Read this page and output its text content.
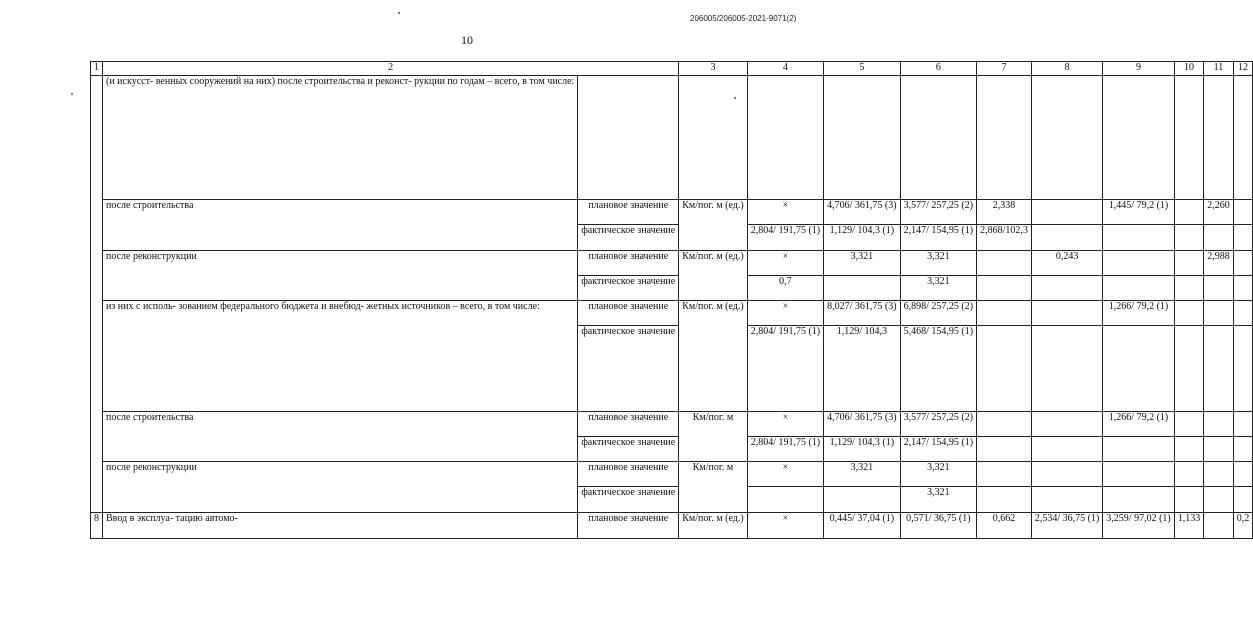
206005/206005-2021-9071(2)
10
1	2		3	4	5	6	7	8	9	10	11	12
	(и искусст- венных сооружений на них) после строительства и реконст- рукции по годам – всего, в том числе:											
	после строительства	плановое значение	Км/пог. м (ед.)	×	4,706/ 361,75 (3)	3,577/ 257,25 (2)	2,338		1,445/ 79,2 (1)		2,260	
		фактическое значение		2,804/ 191,75 (1)	1,129/ 104,3 (1)	2,147/ 154,95 (1)	2,868/102,3					
	после реконструкции	плановое значение	Км/пог. м (ед.)	×	3,321	3,321		0,243			2,988	
		фактическое значение		0,7		3,321						
	из них с исполь- зованием федерального бюджета и внебюд- жетных источников – всего, в том числе:	плановое значение	Км/пог. м (ед.)	×	8,027/ 361,75 (3)	6,898/ 257,25 (2)			1,266/ 79,2 (1)			
		фактическое значение		2,804/ 191,75 (1)	1,129/ 104,3	5,468/ 154,95 (1)						
	после строительства	плановое значение	Км/пог. м	×	4,706/ 361,75 (3)	3,577/ 257,25 (2)			1,266/ 79,2 (1)			
		фактическое значение		2,804/ 191,75 (1)	1,129/ 104,3 (1)	2,147/ 154,95 (1)						
	после реконструкции	плановое значение	Км/пог. м	×	3,321	3,321						
		фактическое значение				3,321						
8	Ввод в эксплуа- тацию автомо-	плановое значение	Км/пог. м (ед.)	×	0,445/ 37,04 (1)	0,571/ 36,75 (1)	0,662	2,534/ 36,75 (1)	3,259/ 97,02 (1)	1,133		0,2
